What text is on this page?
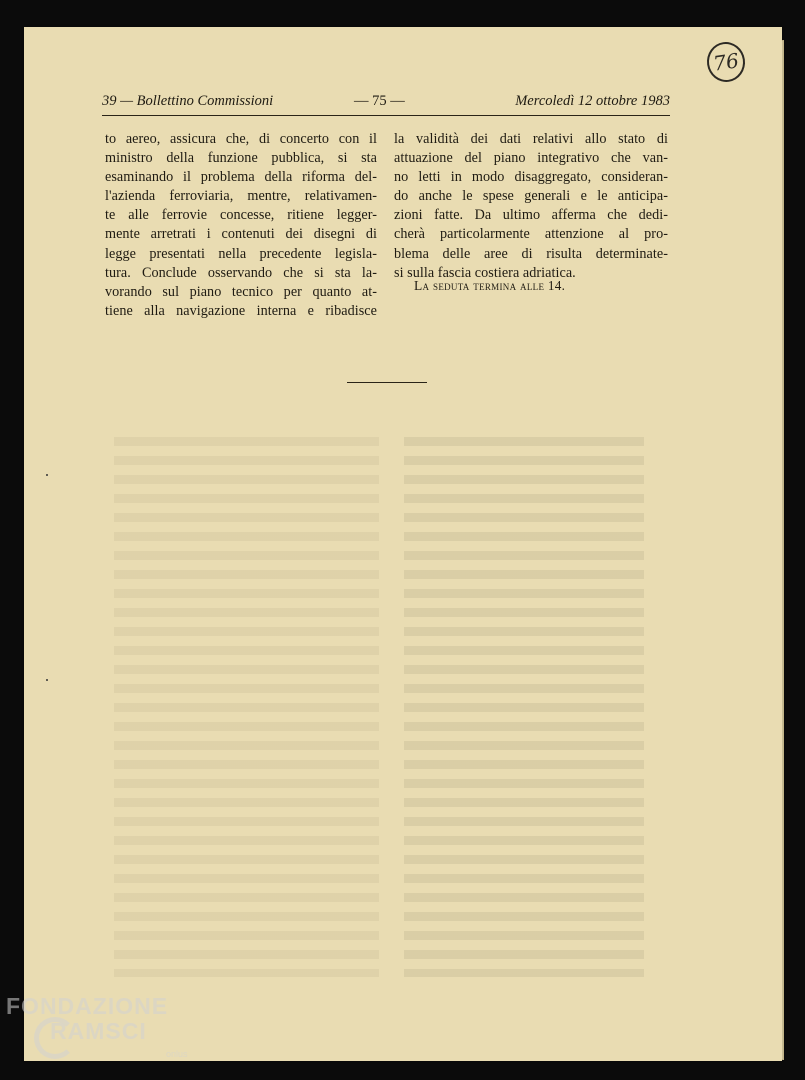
76
39 — Bollettino Commissioni	— 75 —	Mercoledì 12 ottobre 1983
to aereo, assicura che, di concerto con il
ministro della funzione pubblica, si sta
esaminando il problema della riforma del-
l'azienda ferroviaria, mentre, relativamen-
te alle ferrovie concesse, ritiene legger-
mente arretrati i contenuti dei disegni di
legge presentati nella precedente legisla-
tura. Conclude osservando che si sta la-
vorando sul piano tecnico per quanto at-
tiene alla navigazione interna e ribadisce
la validità dei dati relativi allo stato di
attuazione del piano integrativo che van-
no letti in modo disaggregato, consideran-
do anche le spese generali e le anticipa-
zioni fatte. Da ultimo afferma che dedi-
cherà particolarmente attenzione al pro-
blema delle aree di risulta determinate-
si sulla fascia costiera adriatica.
La seduta termina alle 14.
FONDAZIONE
RAMSCI
onlus
